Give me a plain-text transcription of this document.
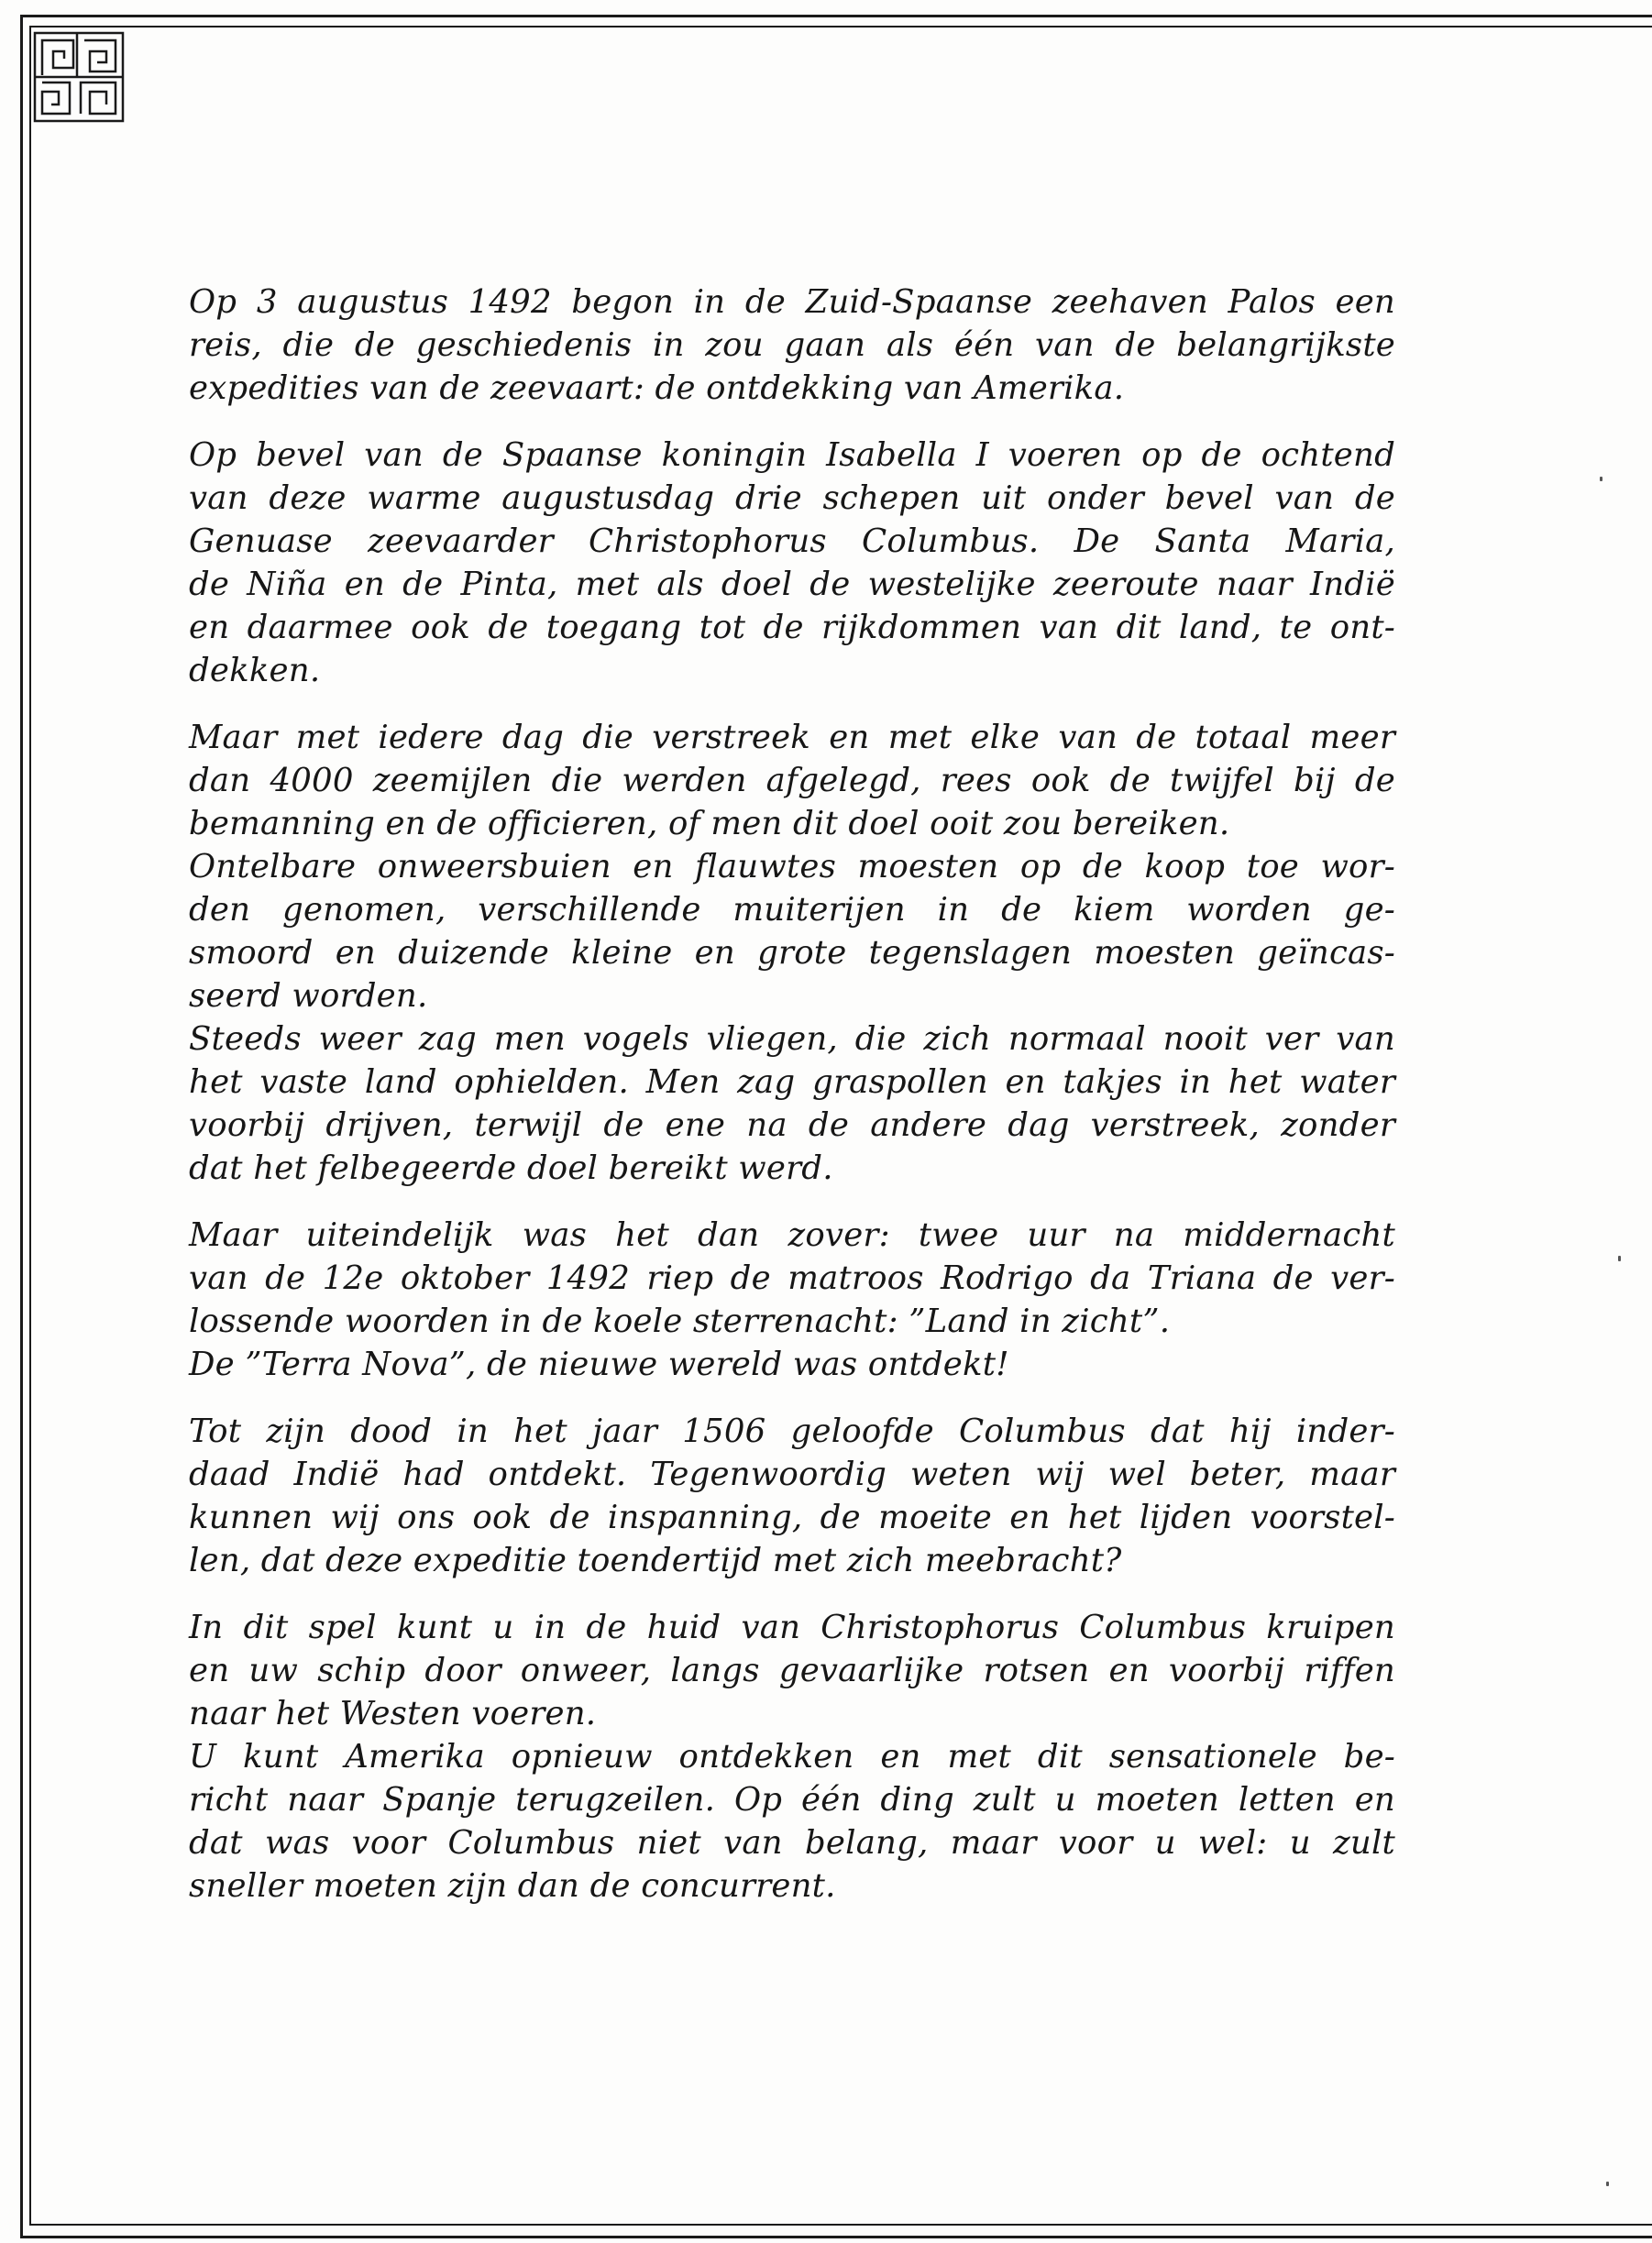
Op 3 augustus 1492 begon in de Zuid-Spaanse zeehaven Palos een
reis, die de geschiedenis in zou gaan als één van de belangrijkste
expedities van de zeevaart: de ontdekking van Amerika.
Op bevel van de Spaanse koningin Isabella I voeren op de ochtend
van deze warme augustusdag drie schepen uit onder bevel van de
Genuase zeevaarder Christophorus Columbus. De Santa Maria,
de Niña en de Pinta, met als doel de westelijke zeeroute naar Indië
en daarmee ook de toegang tot de rijkdommen van dit land, te ont-
dekken.
Maar met iedere dag die verstreek en met elke van de totaal meer
dan 4000 zeemijlen die werden afgelegd, rees ook de twijfel bij de
bemanning en de officieren, of men dit doel ooit zou bereiken.
Ontelbare onweersbuien en flauwtes moesten op de koop toe wor-
den genomen, verschillende muiterijen in de kiem worden ge-
smoord en duizende kleine en grote tegenslagen moesten geïncas-
seerd worden.
Steeds weer zag men vogels vliegen, die zich normaal nooit ver van
het vaste land ophielden. Men zag graspollen en takjes in het water
voorbij drijven, terwijl de ene na de andere dag verstreek, zonder
dat het felbegeerde doel bereikt werd.
Maar uiteindelijk was het dan zover: twee uur na middernacht
van de 12e oktober 1492 riep de matroos Rodrigo da Triana de ver-
lossende woorden in de koele sterrenacht: ”Land in zicht”.
De ”Terra Nova”, de nieuwe wereld was ontdekt!
Tot zijn dood in het jaar 1506 geloofde Columbus dat hij inder-
daad Indië had ontdekt. Tegenwoordig weten wij wel beter, maar
kunnen wij ons ook de inspanning, de moeite en het lijden voorstel-
len, dat deze expeditie toendertijd met zich meebracht?
In dit spel kunt u in de huid van Christophorus Columbus kruipen
en uw schip door onweer, langs gevaarlijke rotsen en voorbij riffen
naar het Westen voeren.
U kunt Amerika opnieuw ontdekken en met dit sensationele be-
richt naar Spanje terugzeilen. Op één ding zult u moeten letten en
dat was voor Columbus niet van belang, maar voor u wel: u zult
sneller moeten zijn dan de concurrent.
